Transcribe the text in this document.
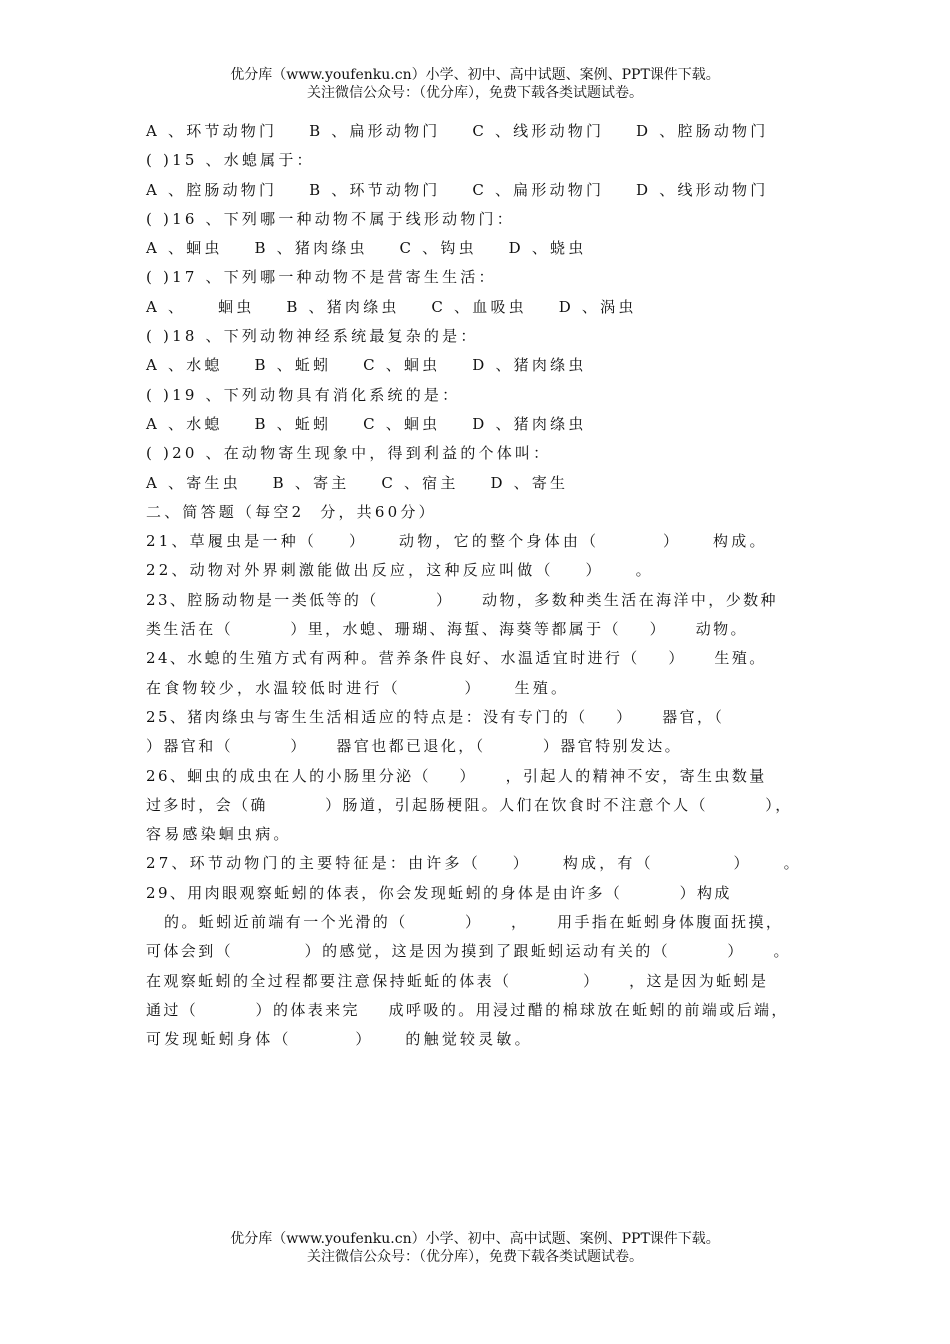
优分库（www.youfenku.cn）小学、初中、高中试题、案例、PPT课件下载。
关注微信公众号：（优分库），免费下载各类试题试卷。
A 、环节动物门    B 、扁形动物门    C 、线形动物门    D 、腔肠动物门
( )15 、水螅属于：
A 、腔肠动物门    B 、环节动物门    C 、扁形动物门    D 、线形动物门
( )16 、下列哪一种动物不属于线形动物门：
A 、蛔虫    B 、猪肉绦虫    C 、钩虫    D 、蛲虫
( )17 、下列哪一种动物不是营寄生生活：
A 、    蛔虫    B 、猪肉绦虫    C 、血吸虫    D 、涡虫
( )18 、下列动物神经系统最复杂的是：
A 、水螅    B 、蚯蚓    C 、蛔虫    D 、猪肉绦虫
( )19 、下列动物具有消化系统的是：
A 、水螅    B 、蚯蚓    C 、蛔虫    D 、猪肉绦虫
( )20 、在动物寄生现象中，得到利益的个体叫：
A 、寄生虫    B 、寄主    C 、宿主    D 、寄生
二、简答题（每空2  分，共60分）
21、草履虫是一种（    ）    动物，它的整个身体由（        ）    构成。
22、动物对外界刺激能做出反应，这种反应叫做（    ）    。
23、腔肠动物是一类低等的（        ）    动物，多数种类生活在海洋中，少数种
类生活在（        ）里，水螅、珊瑚、海蜇、海葵等都属于（    ）    动物。
24、水螅的生殖方式有两种。营养条件良好、水温适宜时进行（    ）    生殖。
在食物较少，水温较低时进行（        ）    生殖。
25、猪肉绦虫与寄生生活相适应的特点是：没有专门的（    ）    器官，（
）器官和（        ）    器官也都已退化，（        ）器官特别发达。
26、蛔虫的成虫在人的小肠里分泌（    ）    ，引起人的精神不安，寄生虫数量
过多时，会（确        ）肠道，引起肠梗阻。人们在饮食时不注意个人（        ），
容易感染蛔虫病。
27、环节动物门的主要特征是：由许多（    ）    构成，有（          ）    。
29、用肉眼观察蚯蚓的体表，你会发现蚯蚓的身体是由许多（        ）构成
的。蚯蚓近前端有一个光滑的（        ）    ，    用手指在蚯蚓身体腹面抚摸，
可体会到（          ）的感觉，这是因为摸到了跟蚯蚓运动有关的（        ）    。
在观察蚯蚓的全过程都要注意保持蚯蚯的体表（          ）    ，这是因为蚯蚓是
通过（        ）的体表来完    成呼吸的。用浸过醋的棉球放在蚯蚓的前端或后端，
可发现蚯蚓身体（        ）    的触觉较灵敏。
优分库（www.youfenku.cn）小学、初中、高中试题、案例、PPT课件下载。
关注微信公众号：（优分库），免费下载各类试题试卷。
